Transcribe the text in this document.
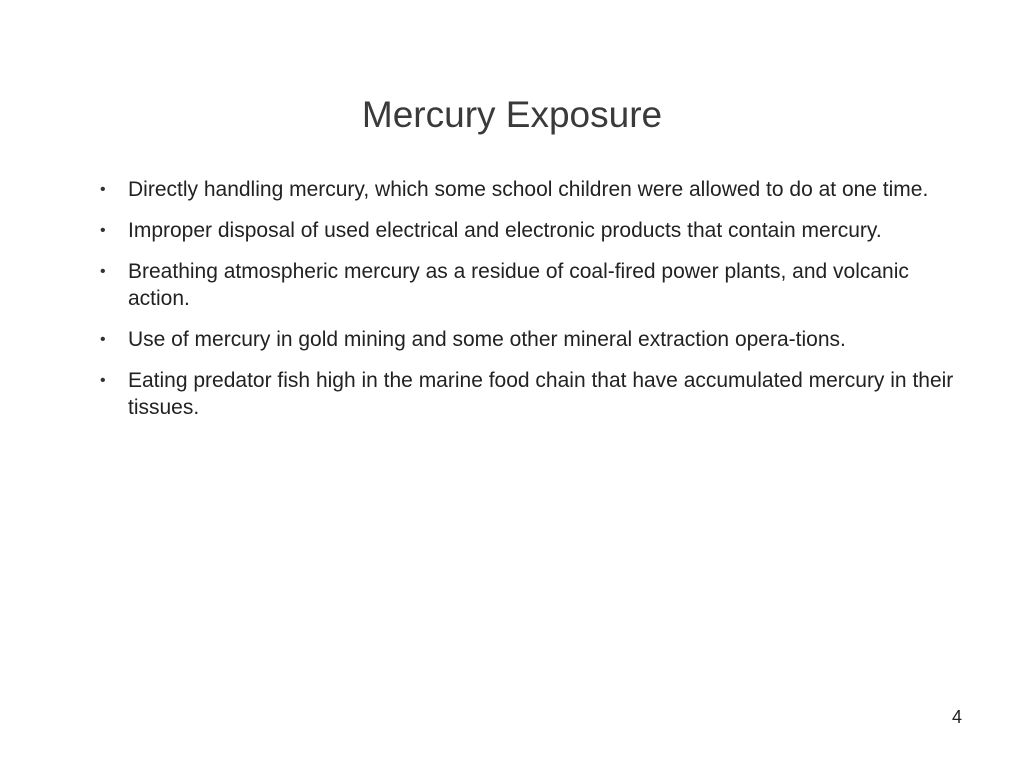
Mercury Exposure
•	Directly handling mercury, which some school children were allowed to do at one time.
•	Improper disposal of used electrical and electronic products that contain mercury.
•	Breathing atmospheric mercury as a residue of coal-fired power plants, and volcanic action.
•	Use of mercury in gold mining and some other mineral extraction opera-tions.
•	Eating predator fish high in the marine food chain that have accumulated mercury in their tissues.
4
